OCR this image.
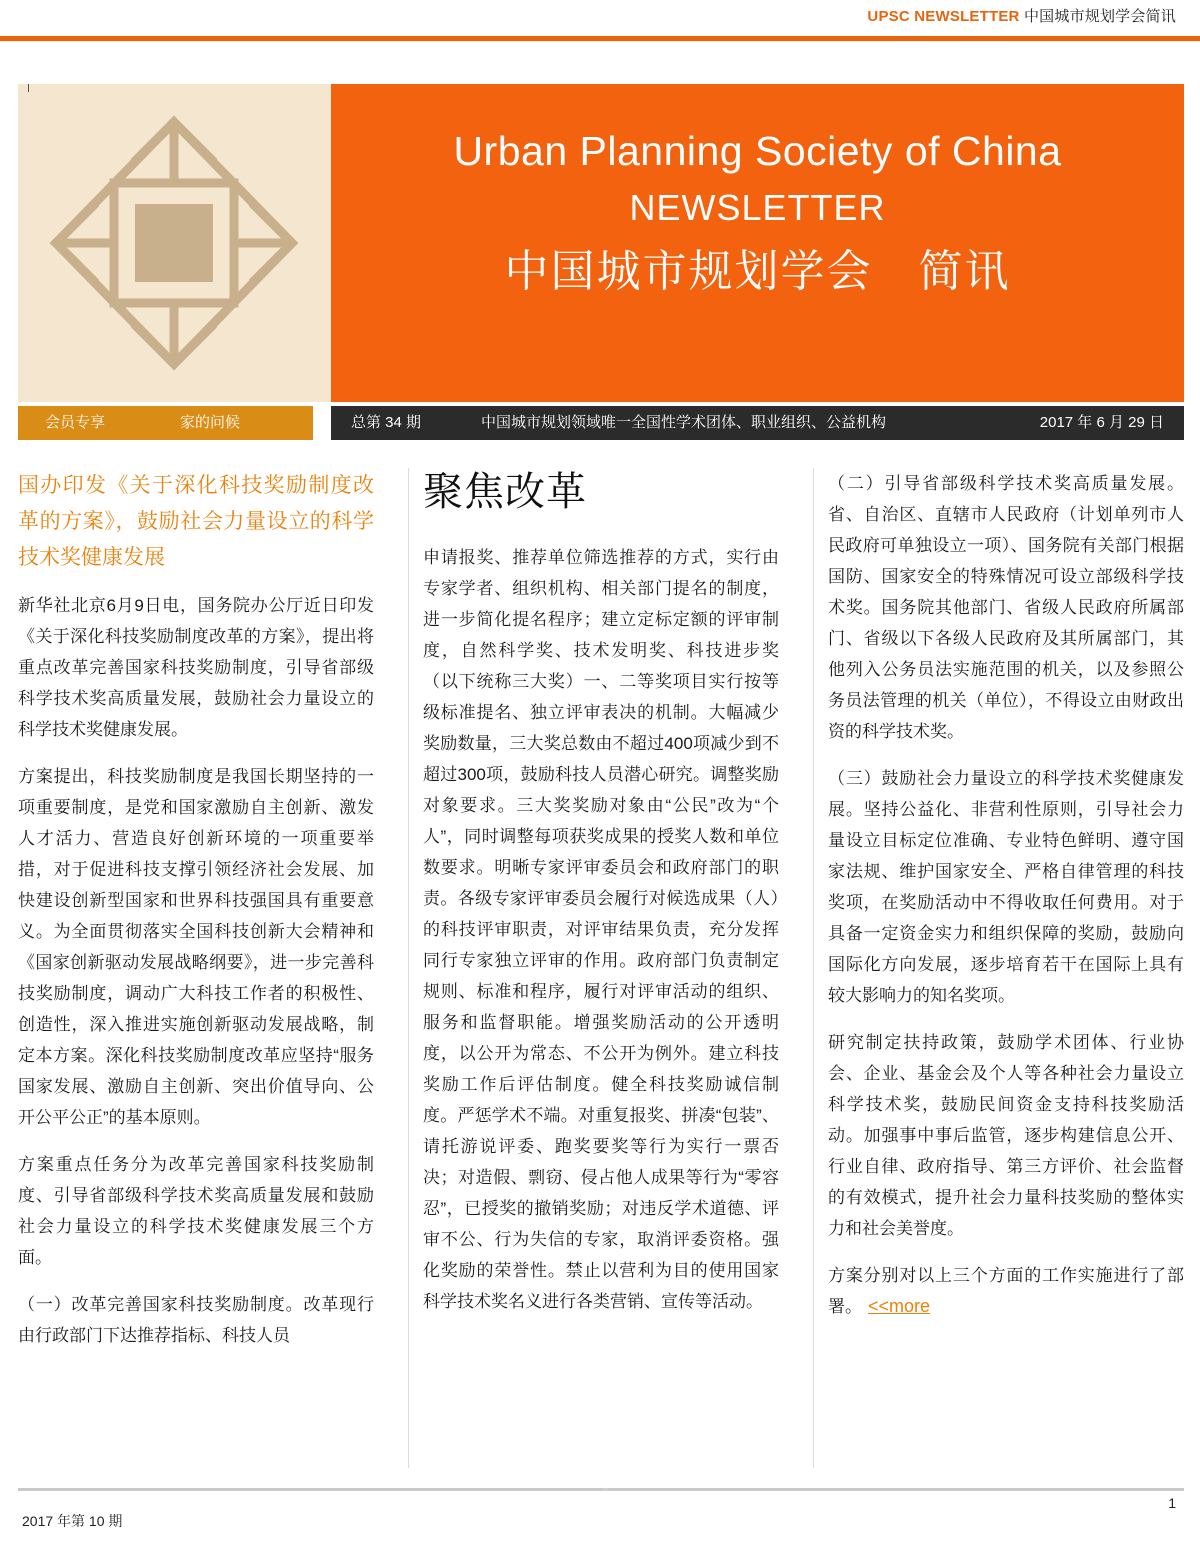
UPSC NEWSLETTER 中国城市规划学会简讯
Urban Planning Society of China
NEWSLETTER
中国城市规划学会　简讯
会员专享	家的问候	总第 34 期	中国城市规划领域唯一全国性学术团体、职业组织、公益机构	2017 年 6 月 29 日
国办印发《关于深化科技奖励制度改革的方案》，鼓励社会力量设立的科学技术奖健康发展

新华社北京6月9日电，国务院办公厅近日印发《关于深化科技奖励制度改革的方案》，提出将重点改革完善国家科技奖励制度，引导省部级科学技术奖高质量发展，鼓励社会力量设立的科学技术奖健康发展。

方案提出，科技奖励制度是我国长期坚持的一项重要制度，是党和国家激励自主创新、激发人才活力、营造良好创新环境的一项重要举措，对于促进科技支撑引领经济社会发展、加快建设创新型国家和世界科技强国具有重要意义。为全面贯彻落实全国科技创新大会精神和《国家创新驱动发展战略纲要》，进一步完善科技奖励制度，调动广大科技工作者的积极性、创造性，深入推进实施创新驱动发展战略，制定本方案。深化科技奖励制度改革应坚持“服务国家发展、激励自主创新、突出价值导向、公开公平公正”的基本原则。

方案重点任务分为改革完善国家科技奖励制度、引导省部级科学技术奖高质量发展和鼓励社会力量设立的科学技术奖健康发展三个方面。

（一）改革完善国家科技奖励制度。改革现行由行政部门下达推荐指标、科技人员

聚焦改革

申请报奖、推荐单位筛选推荐的方式，实行由专家学者、组织机构、相关部门提名的制度，进一步简化提名程序；建立定标定额的评审制度，自然科学奖、技术发明奖、科技进步奖（以下统称三大奖）一、二等奖项目实行按等级标准提名、独立评审表决的机制。大幅减少奖励数量，三大奖总数由不超过400项减少到不超过300项，鼓励科技人员潜心研究。调整奖励对象要求。三大奖奖励对象由“公民”改为“个人”，同时调整每项获奖成果的授奖人数和单位数要求。明晰专家评审委员会和政府部门的职责。各级专家评审委员会履行对候选成果（人）的科技评审职责，对评审结果负责，充分发挥同行专家独立评审的作用。政府部门负责制定规则、标准和程序，履行对评审活动的组织、服务和监督职能。增强奖励活动的公开透明度，以公开为常态、不公开为例外。建立科技奖励工作后评估制度。健全科技奖励诚信制度。严惩学术不端。对重复报奖、拼凑“包装”、请托游说评委、跑奖要奖等行为实行一票否决；对造假、剽窃、侵占他人成果等行为“零容忍”，已授奖的撤销奖励；对违反学术道德、评审不公、行为失信的专家，取消评委资格。强化奖励的荣誉性。禁止以营利为目的使用国家科学技术奖名义进行各类营销、宣传等活动。

（二）引导省部级科学技术奖高质量发展。省、自治区、直辖市人民政府（计划单列市人民政府可单独设立一项）、国务院有关部门根据国防、国家安全的特殊情况可设立部级科学技术奖。国务院其他部门、省级人民政府所属部门、省级以下各级人民政府及其所属部门，其他列入公务员法实施范围的机关，以及参照公务员法管理的机关（单位），不得设立由财政出资的科学技术奖。

（三）鼓励社会力量设立的科学技术奖健康发展。坚持公益化、非营利性原则，引导社会力量设立目标定位准确、专业特色鲜明、遵守国家法规、维护国家安全、严格自律管理的科技奖项，在奖励活动中不得收取任何费用。对于具备一定资金实力和组织保障的奖励，鼓励向国际化方向发展，逐步培育若干在国际上具有较大影响力的知名奖项。

研究制定扶持政策，鼓励学术团体、行业协会、企业、基金会及个人等各种社会力量设立科学技术奖，鼓励民间资金支持科技奖励活动。加强事中事后监管，逐步构建信息公开、行业自律、政府指导、第三方评价、社会监督的有效模式，提升社会力量科技奖励的整体实力和社会美誉度。

方案分别对以上三个方面的工作实施进行了部署。 <<more

2017 年第 10 期
1
